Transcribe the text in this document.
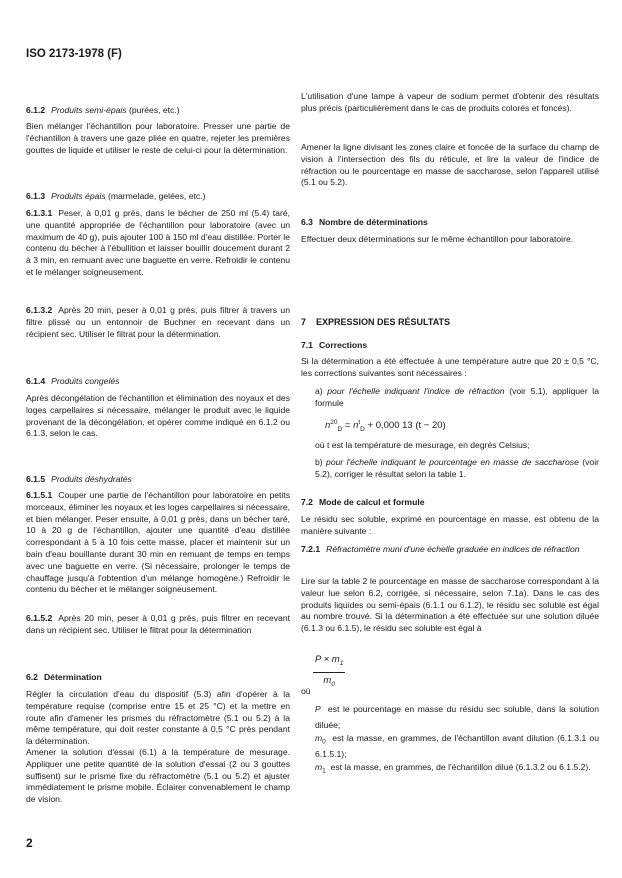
ISO 2173-1978 (F)
6.1.2 Produits semi-épais (purées, etc.)
Bien mélanger l'échantillon pour laboratoire. Presser une partie de l'échantillon à travers une gaze pliée en quatre, rejeter les premières gouttes de liquide et utiliser le reste de celui-ci pour la détermination.
6.1.3 Produits épais (marmelade, gelées, etc.)
6.1.3.1 Peser, à 0,01 g près, dans le bécher de 250 ml (5.4) taré, une quantité appropriée de l'échantillon pour laboratoire (avec un maximum de 40 g), puis ajouter 100 à 150 ml d'eau distillée. Porter le contenu du bécher à l'ébullition et laisser bouillir doucement durant 2 à 3 min, en remuant avec une baguette en verre. Refroidir le contenu et le mélanger soigneusement.
6.1.3.2 Après 20 min, peser à 0,01 g près, puis filtrer à travers un filtre plissé ou un entonnoir de Buchner en recevant dans un récipient sec. Utiliser le filtrat pour la détermination.
6.1.4 Produits congelés
Après décongélation de l'échantillon et élimination des noyaux et des loges carpellaires si nécessaire, mélanger le produit avec le liquide provenant de la décongélation, et opérer comme indiqué en 6.1.2 ou 6.1.3, selon le cas.
6.1.5 Produits déshydratés
6.1.5.1 Couper une partie de l'échantillon pour laboratoire en petits morceaux, éliminer les noyaux et les loges carpellaires si nécessaire, et bien mélanger. Peser ensuite, à 0,01 g près, dans un bécher taré, 10 à 20 g de l'échantillon, ajouter une quantité d'eau distillée correspondant à 5 à 10 fois cette masse, placer et maintenir sur un bain d'eau bouillante durant 30 min en remuant de temps en temps avec une baguette en verre. (Si nécessaire, prolonger le temps de chauffage jusqu'à l'obtention d'un mélange homogène.) Refroidir le contenu du bécher et le mélanger soigneusement.
6.1.5.2 Après 20 min, peser à 0,01 g près, puis filtrer en recevant dans un récipient sec. Utiliser le filtrat pour la détermination
6.2 Détermination
Régler la circulation d'eau du dispositif (5.3) afin d'opérer à la température requise (comprise entre 15 et 25 °C) et la mettre en route afin d'amener les prismes du réfractomètre (5.1 ou 5.2) à la même température, qui doit rester constante à 0,5 °C près pendant la détermination.
Amener la solution d'essai (6.1) à la température de mesurage. Appliquer une petite quantité de la solution d'essai (2 ou 3 gouttes suffisent) sur le prisme fixe du réfractomètre (5.1 ou 5.2) et ajuster immédiatement le prisme mobile. Éclairer convenablement le champ de vision.
2
L'utilisation d'une lampe à vapeur de sodium permet d'obtenir des résultats plus précis (particulièrement dans le cas de produits colorés et foncés).
Amener la ligne divisant les zones claire et foncée de la surface du champ de vision à l'intersection des fils du réticule, et lire la valeur de l'indice de réfraction ou le pourcentage en masse de saccharose, selon l'appareil utilisé (5.1 ou 5.2).
6.3 Nombre de déterminations
Effectuer deux déterminations sur le même échantillon pour laboratoire.
7 EXPRESSION DES RÉSULTATS
7.1 Corrections
Si la détermination a été effectuée à une température autre que 20 ± 0,5 °C, les corrections suivantes sont nécessaires :
a) pour l'échelle indiquant l'indice de réfraction (voir 5.1), appliquer la formule
$n^{20}_D = n^t_D + 0,000$ 13 (t − 20)
où t est la température de mesurage, en degrés Celsius;
b) pour l'échelle indiquant le pourcentage en masse de saccharose (voir 5.2), corriger le résultat selon la table 1.
7.2 Mode de calcul et formule
Le résidu sec soluble, exprimé en pourcentage en masse, est obtenu de la manière suivante :
7.2.1 Réfractomètre muni d'une échelle graduée en indices de réfraction
Lire sur la table 2 le pourcentage en masse de saccharose correspondant à la valeur lue selon 6.2, corrigée, si nécessaire, selon 7.1a). Dans le cas des produits liquides ou semi-épais (6.1.1 ou 6.1.2), le résidu sec soluble est égal au nombre trouvé. Si la détermination a été effectuée sur une solution diluée (6.1.3 ou 6.1.5), le résidu sec soluble est égal à
$\frac{P \times m_1}{m_0}$
où
P est le pourcentage en masse du résidu sec soluble, dans la solution diluée;
$m_0$ est la masse, en grammes, de l'échantillon avant dilution (6.1.3.1 ou 6.1.5.1);
$m_1$ est la masse, en grammes, de l'échantillon dilué (6.1.3.2 ou 6.1.5.2).
